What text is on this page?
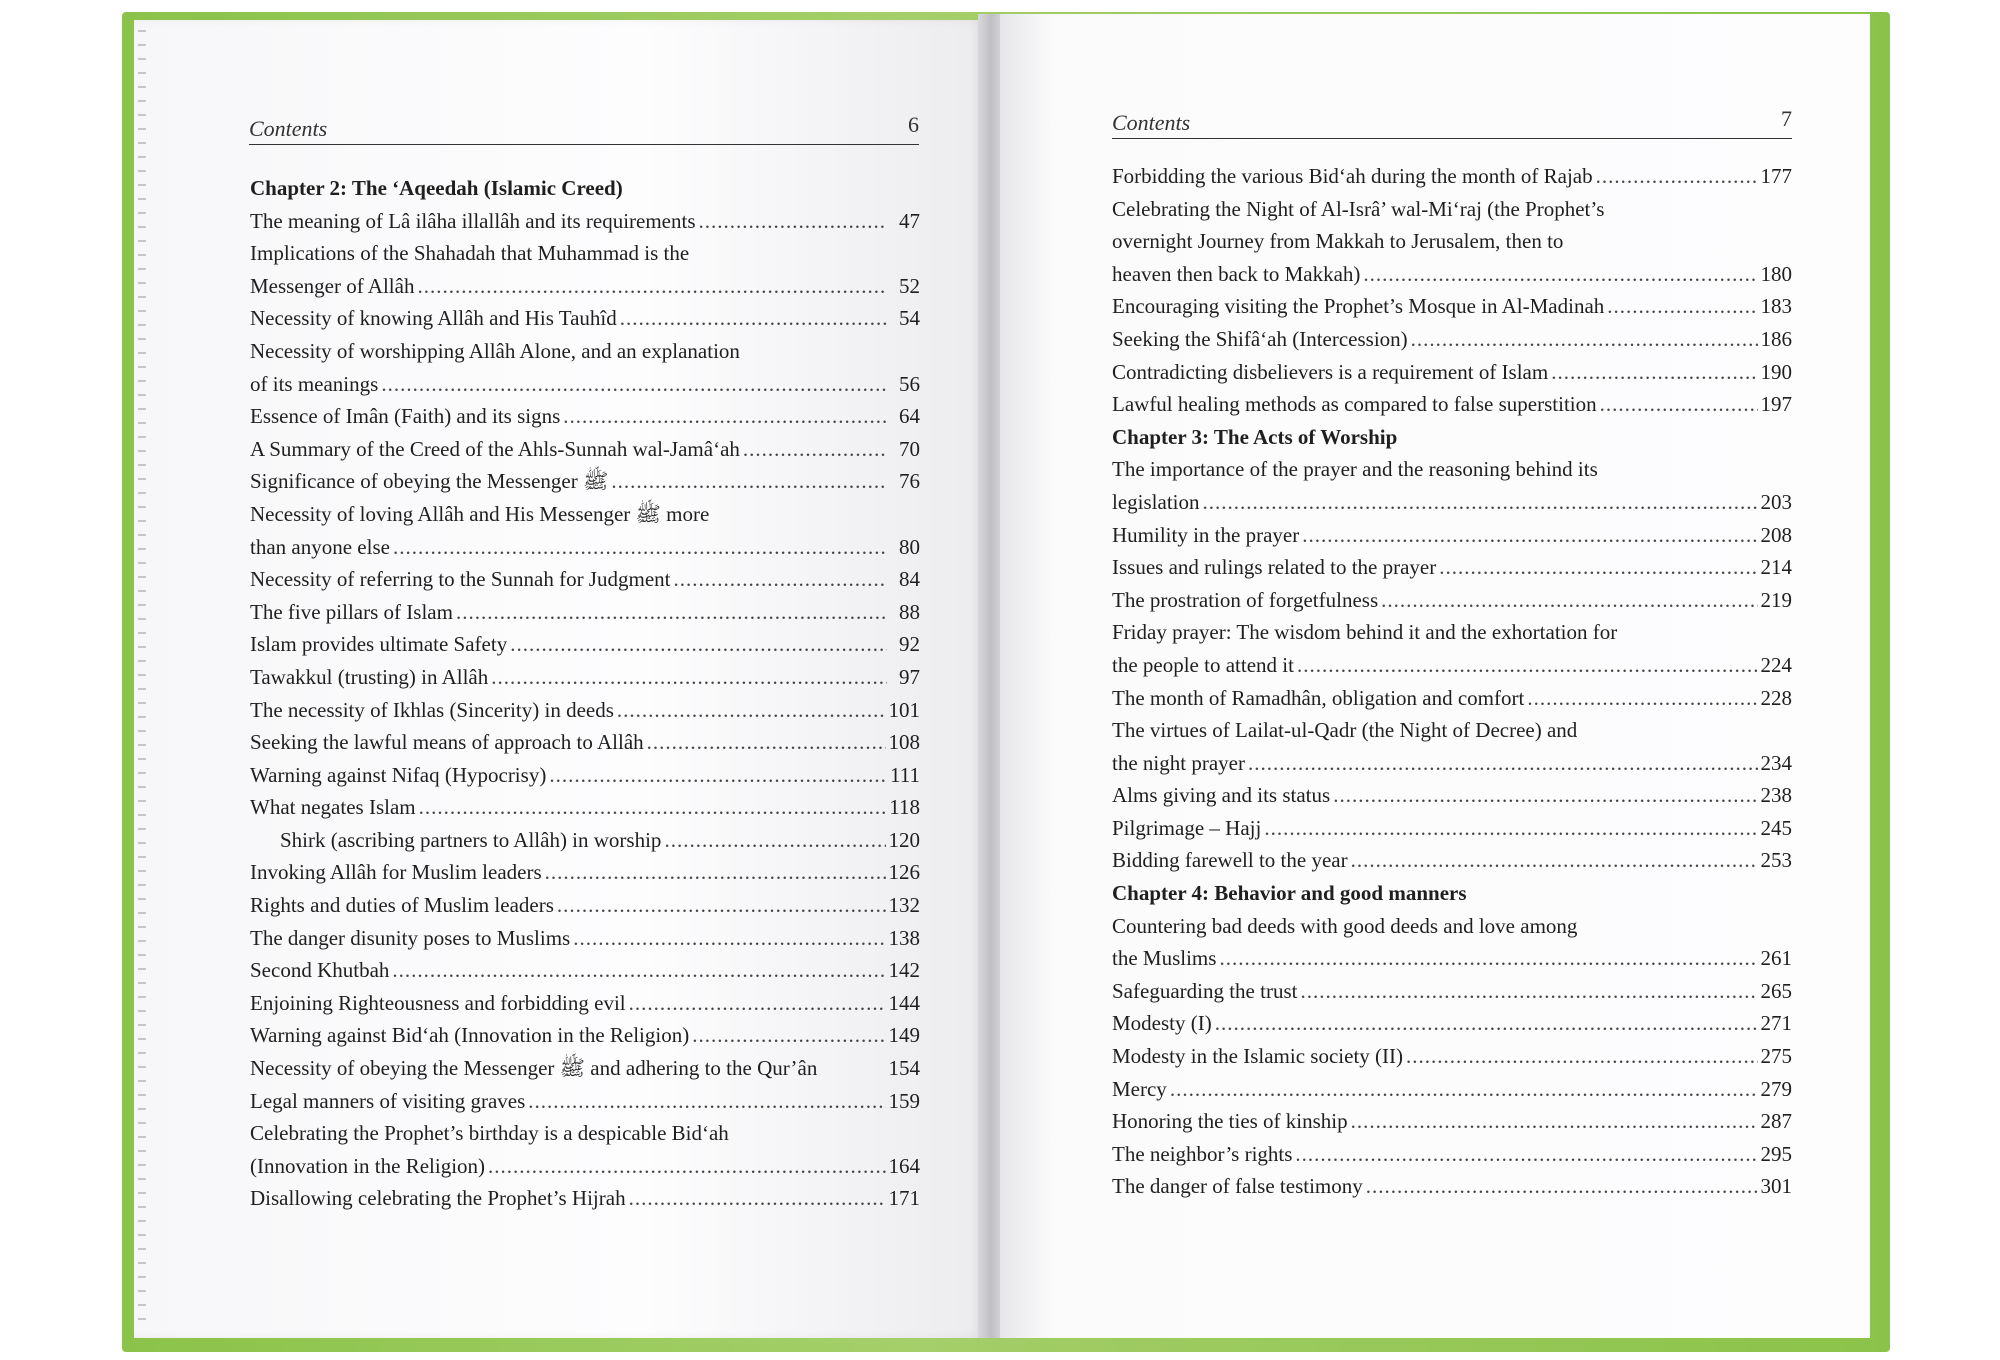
Contents	6
Chapter 2: The ‘Aqeedah (Islamic Creed)
The meaning of Lâ ilâha illallâh and its requirements .....	47
Implications of the Shahadah that Muhammad is the
Messenger of Allâh .....	52
Necessity of knowing Allâh and His Tauhîd .....	54
Necessity of worshipping Allâh Alone, and an explanation
of its meanings .....	56
Essence of Imân (Faith) and its signs .....	64
A Summary of the Creed of the Ahls-Sunnah wal-Jamâ‘ah .....	70
Significance of obeying the Messenger ﷺ .....	76
Necessity of loving Allâh and His Messenger ﷺ more
than anyone else .....	80
Necessity of referring to the Sunnah for Judgment .....	84
The five pillars of Islam .....	88
Islam provides ultimate Safety .....	92
Tawakkul (trusting) in Allâh .....	97
The necessity of Ikhlas (Sincerity) in deeds .....	101
Seeking the lawful means of approach to Allâh .....	108
Warning against Nifaq (Hypocrisy) .....	111
What negates Islam .....	118
Shirk (ascribing partners to Allâh) in worship .....	120
Invoking Allâh for Muslim leaders .....	126
Rights and duties of Muslim leaders .....	132
The danger disunity poses to Muslims .....	138
Second Khutbah .....	142
Enjoining Righteousness and forbidding evil .....	144
Warning against Bid‘ah (Innovation in the Religion) .....	149
Necessity of obeying the Messenger ﷺ and adhering to the Qur’ân	154
Legal manners of visiting graves .....	159
Celebrating the Prophet’s birthday is a despicable Bid‘ah
(Innovation in the Religion) .....	164
Disallowing celebrating the Prophet’s Hijrah .....	171
Contents	7
Forbidding the various Bid‘ah during the month of Rajab .....	177
Celebrating the Night of Al-Isrâ’ wal-Mi‘raj (the Prophet’s
overnight Journey from Makkah to Jerusalem, then to
heaven then back to Makkah) .....	180
Encouraging visiting the Prophet’s Mosque in Al-Madinah .....	183
Seeking the Shifâ‘ah (Intercession) .....	186
Contradicting disbelievers is a requirement of Islam .....	190
Lawful healing methods as compared to false superstition .....	197
Chapter 3: The Acts of Worship
The importance of the prayer and the reasoning behind its
legislation .....	203
Humility in the prayer .....	208
Issues and rulings related to the prayer .....	214
The prostration of forgetfulness .....	219
Friday prayer: The wisdom behind it and the exhortation for
the people to attend it .....	224
The month of Ramadhân, obligation and comfort .....	228
The virtues of Lailat-ul-Qadr (the Night of Decree) and
the night prayer .....	234
Alms giving and its status .....	238
Pilgrimage – Hajj .....	245
Bidding farewell to the year .....	253
Chapter 4: Behavior and good manners
Countering bad deeds with good deeds and love among
the Muslims .....	261
Safeguarding the trust .....	265
Modesty (I) .....	271
Modesty in the Islamic society (II) .....	275
Mercy .....	279
Honoring the ties of kinship .....	287
The neighbor’s rights .....	295
The danger of false testimony .....	301
